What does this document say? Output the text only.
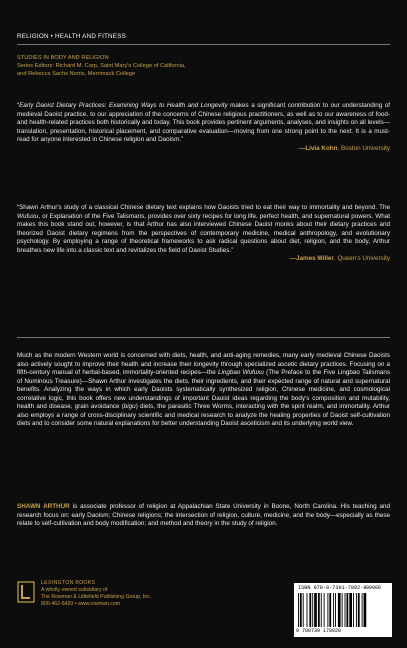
RELIGION • HEALTH AND FITNESS
STUDIES IN BODY AND RELIGION
Series Editors: Richard M. Carp, Saint Mary's College of California,
and Rebecca Sachs Norris, Merrimack College

“Early Daoist Dietary Practices: Examining Ways to Health and Longevity makes a significant contribution to our understanding of medieval Daoist practice, to our appreciation of the concerns of Chinese religious practitioners, as well as to our awareness of food- and health-related practices both historically and today. This book provides pertinent arguments, analyses, and insights on all levels—translation, presentation, historical placement, and comparative evaluation—moving from one strong point to the next. It is a must-read for anyone interested in Chinese religion and Daoism.”

—Livia Kohn, Boston University

“Shawn Arthur's study of a classical Chinese dietary text explains how Daoists tried to eat their way to immortality and beyond. The Wufuxu, or Explanation of the Five Talismans, provides over sixty recipes for long life, perfect health, and supernatural powers. What makes this book stand out, however, is that Arthur has also interviewed Chinese Daoist monks about their dietary practices and theorized Daoist dietary regimens from the perspectives of contemporary medicine, medical anthropology, and evolutionary psychology. By employing a range of theoretical frameworks to ask radical questions about diet, religion, and the body, Arthur breathes new life into a classic text and revitalizes the field of Daoist Studies.”

—James Miller, Queen's University
Much as the modern Western world is concerned with diets, health, and anti-aging remedies, many early medieval Chinese Daoists also actively sought to improve their health and increase their longevity through specialized ascetic dietary practices. Focusing on a fifth-century manual of herbal-based, immortality-oriented recipes—the Lingbao Wufuxu (The Preface to the Five Lingbao Talismans of Numinous Treasure)—Shawn Arthur investigates the diets, their ingredients, and their expected range of natural and supernatural benefits. Analyzing the ways in which early Daoists systematically synthesized religion, Chinese medicine, and cosmological correlative logic, this book offers new understandings of important Daoist ideas regarding the body's composition and mutability, health and disease, grain avoidance (bigu) diets, the parasitic Three Worms, interacting with the spirit realm, and immortality. Arthur also employs a range of cross-disciplinary scientific and medical research to analyze the healing properties of Daoist self-cultivation diets and to consider some natural explanations for better understanding Daoist asceticism and its underlying world view.
SHAWN ARTHUR is associate professor of religion at Appalachian State University in Boone, North Carolina. His teaching and research focus on: early Daoism; Chinese religions; the intersection of religion, culture, medicine, and the body—especially as these relate to self-cultivation and body modification; and method and theory in the study of religion.
LEXINGTON BOOKS
A wholly owned subsidiary of
The Rowman & Littlefield Publishing Group, Inc.
800-462-6420 • www.rowman.com
ISBN 978-0-7391-7892-8
9 780739 178928
90000
